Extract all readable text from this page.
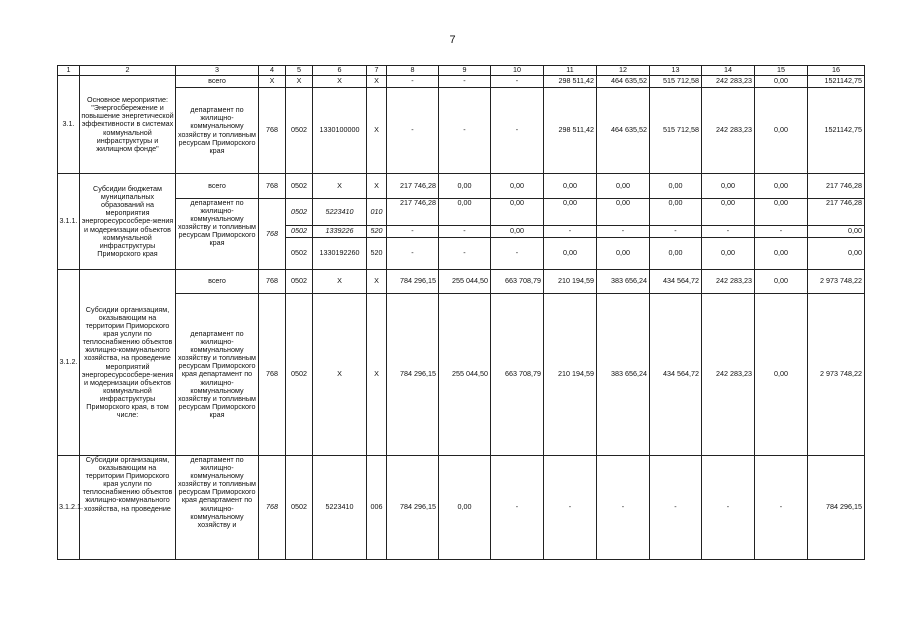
7
1	2	3	4	5	6	7	8	9	10	11	12	13	14	15	16
3.1.	Основное мероприятие: "Энергосбережение и повышение энергетической эффективности в системах коммунальной инфраструктуры и жилищном фонде"	всего	X	X	X	X	-	-	-	298 511,42	464 635,52	515 712,58	242 283,23	0,00	1521142,75
		департамент по жилищно-коммунальному хозяйству и топливным ресурсам Приморского края	768	0502	1330100000	X	-	-	-	298 511,42	464 635,52	515 712,58	242 283,23	0,00	1521142,75
3.1.1.	Субсидии бюджетам муниципальных образований на мероприятия энергоресурсосбере-жения и модернизации объектов коммунальной инфраструктуры Приморского края	всего	768	0502	X	X	217 746,28	0,00	0,00	0,00	0,00	0,00	0,00	0,00	217 746,28
		департамент по жилищно-коммунальному хозяйству и топливным ресурсам Приморского края	768	0502	5223410	010	217 746,28	0,00	0,00	0,00	0,00	0,00	0,00	0,00	217 746,28
				0502	1339226	520	-	-	0,00	-	-	-	-	-	0,00
				0502	1330192260	520	-	-	-	0,00	0,00	0,00	0,00	0,00	0,00
3.1.2.	Субсидии организациям, оказывающим на территории Приморского края услуги по теплоснабжению объектов жилищно-коммунального хозяйства, на проведение мероприятий энергоресурсосбере-жения и модернизации объектов коммунальной инфраструктуры Приморского края, в том числе:	всего	768	0502	X	X	784 296,15	255 044,50	663 708,79	210 194,59	383 656,24	434 564,72	242 283,23	0,00	2 973 748,22
		департамент по жилищно-коммунальному хозяйству и топливным ресурсам Приморского края департамент по жилищно-коммунальному хозяйству и топливным ресурсам Приморского края	768	0502	X	X	784 296,15	255 044,50	663 708,79	210 194,59	383 656,24	434 564,72	242 283,23	0,00	2 973 748,22
3.1.2.1.	Субсидии организациям, оказывающим на территории Приморского края услуги по теплоснабжению объектов жилищно-коммунального хозяйства, на проведение	департамент по жилищно-коммунальному хозяйству и топливным ресурсам Приморского края департамент по жилищно-коммунальному хозяйству и	768	0502	5223410	006	784 296,15	0,00	-	-	-	-	-	-	784 296,15
